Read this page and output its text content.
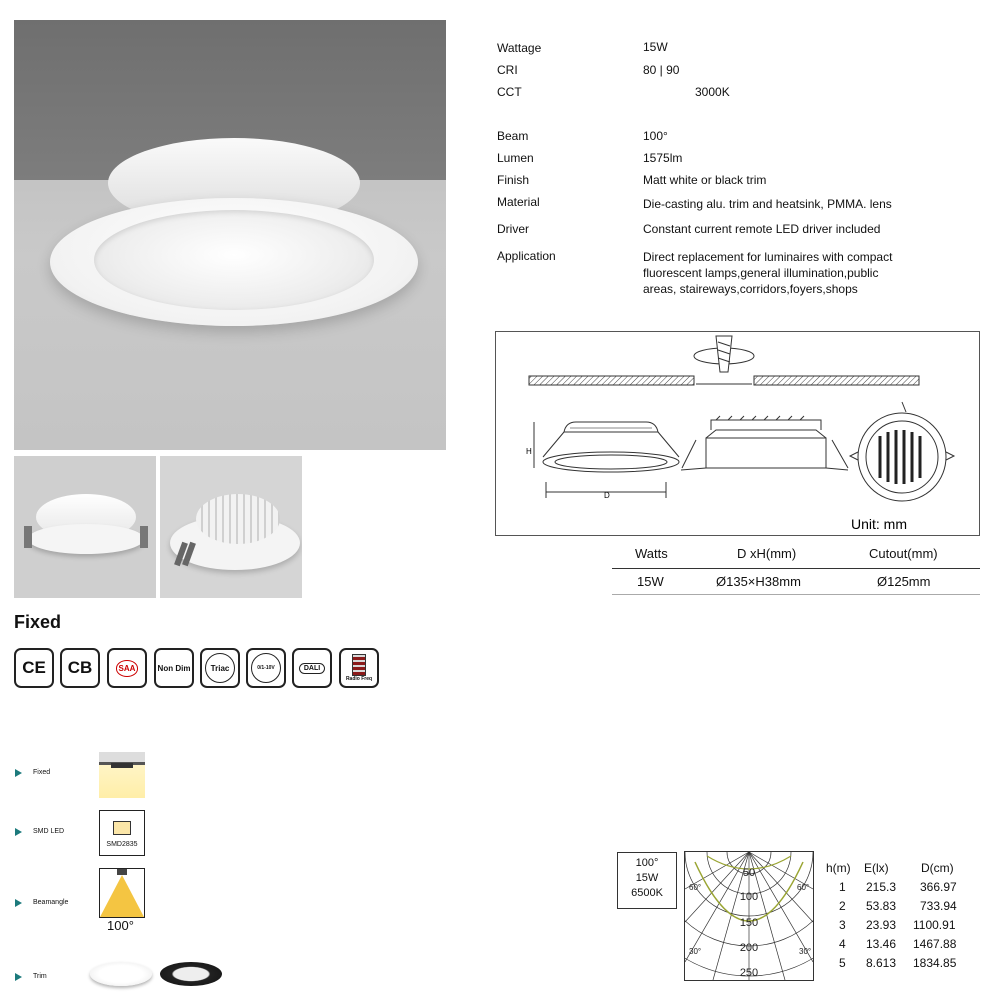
Wattage	15W
CRI	80 | 90
CCT	3000K
Beam	100°
Lumen	1575lm
Finish	Matt white or black trim
Material	Die-casting alu. trim and heatsink, PMMA. lens
Driver	Constant current remote LED driver included
Application	Direct replacement for luminaires with compact
fluorescent lamps,general illumination,public
areas, staireways,corridors,foyers,shops
H
D
Unit: mm
Watts	D xH(mm)	Cutout(mm)
15W	Ø135×H38mm	Ø125mm
Fixed
CE	CB	SAA	Non Dim	Triac	0/1-10V	DALI
Radio Freq
Fixed
SMD LED
SMD2835
Beamangle
100°
Trim
100°
15W
6500K
50
100
150
200
250
60°	60°
30°	30°
h(m) E(lx)	D(cm)
1 215.3 366.97
2 53.83 733.94
3 23.93 1100.91
4 13.46 1467.88
5 8.613 1834.85
